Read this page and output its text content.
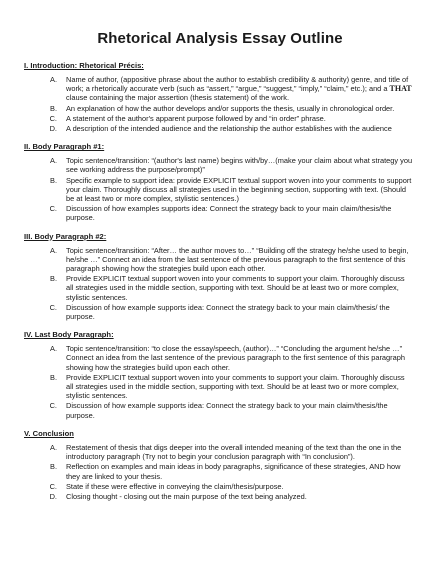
Rhetorical Analysis Essay Outline
I. Introduction: Rhetorical Précis:
A.	Name of author, (appositive phrase about the author to establish credibility & authority) genre, and title of work; a rhetorically accurate verb (such as “assert,” “argue,” “suggest,” “imply,” “claim,” etc.); and a THAT clause containing the major assertion (thesis statement) of the work.
B.	An explanation of how the author develops and/or supports the thesis, usually in chronological order.
C.	A statement of the author's apparent purpose followed by and “in order” phrase.
D.	A description of the intended audience and the relationship the author establishes with the audience
II. Body Paragraph #1:
A.	Topic sentence/transition: “(author's last name) begins with/by…(make your claim about what strategy you see working address the purpose/prompt)”
B.	Specific example to support idea: provide EXPLICIT textual support woven into your comments to support your claim. Thoroughly discuss all strategies used in the beginning section, supporting with text. (Should be at least two or more complex, stylistic sentences.)
C.	Discussion of how examples supports idea: Connect the strategy back to your main claim/thesis/the purpose.
III. Body Paragraph #2:
A.	Topic sentence/transition: “After… the author moves to…” “Building off the strategy he/she used to begin, he/she …” Connect an idea from the last sentence of the previous paragraph to the first sentence of this paragraph showing how the strategies build upon each other.
B.	Provide EXPLICIT textual support woven into your comments to support your claim. Thoroughly discuss all strategies used in the middle section, supporting with text. Should be at least two or more complex, stylistic sentences.
C.	Discussion of how example supports idea: Connect the strategy back to your main claim/thesis/ the purpose.
IV. Last Body Paragraph:
A.	Topic sentence/transition: “to close the essay/speech, (author)…” “Concluding the argument he/she …” Connect an idea from the last sentence of the previous paragraph to the first sentence of this paragraph showing how the strategies build upon each other.
B.	Provide EXPLICIT textual support woven into your comments to support your claim. Thoroughly discuss all strategies used in the middle section, supporting with text. Should be at least two or more complex, stylistic sentences.
C.	Discussion of how example supports idea: Connect the strategy back to your main claim/thesis/the purpose.
V. Conclusion
A.	Restatement of thesis that digs deeper into the overall intended meaning of the text than the one in the introductory paragraph (Try not to begin your conclusion paragraph with “In conclusion”).
B.	Reflection on examples and main ideas in body paragraphs, significance of these strategies, AND how they are linked to your thesis.
C.	State if these were effective in conveying the claim/thesis/purpose.
D.	Closing thought - closing out the main purpose of the text being analyzed.
